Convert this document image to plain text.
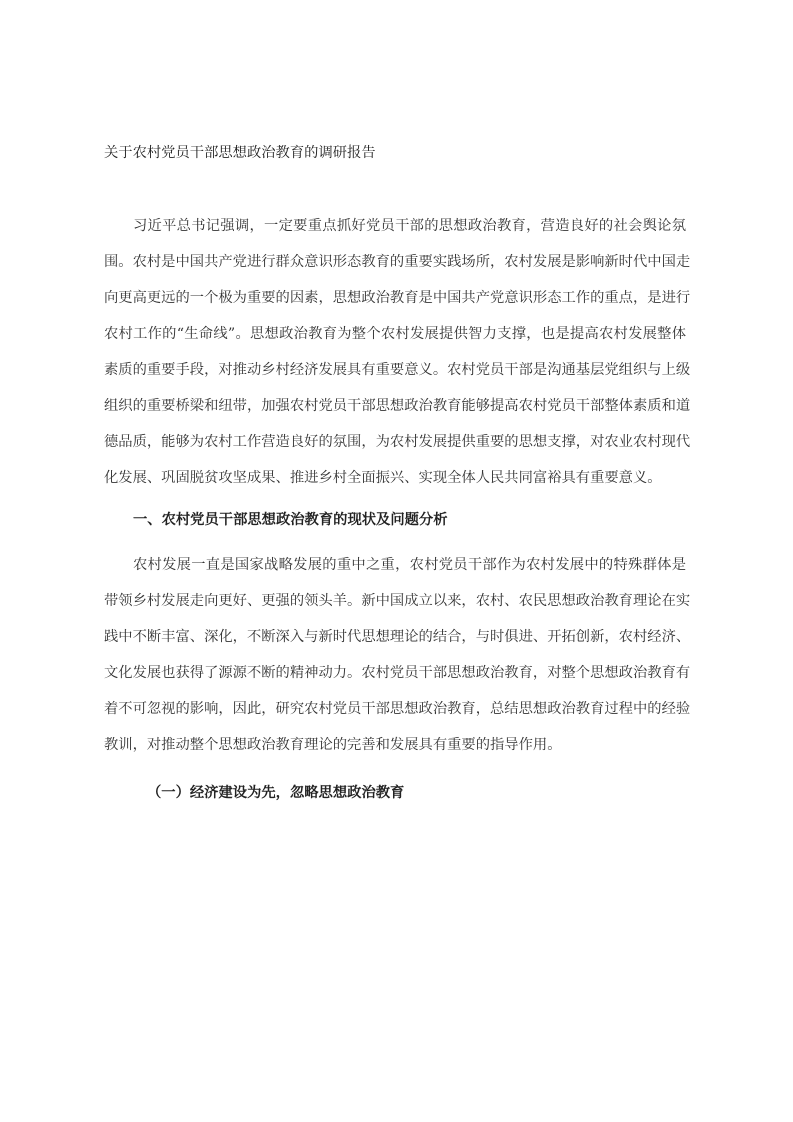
关于农村党员干部思想政治教育的调研报告
习近平总书记强调，一定要重点抓好党员干部的思想政治教育，营造良好的社会舆论氛
围。农村是中国共产党进行群众意识形态教育的重要实践场所，农村发展是影响新时代中国走
向更高更远的一个极为重要的因素，思想政治教育是中国共产党意识形态工作的重点，是进行
农村工作的“生命线”。思想政治教育为整个农村发展提供智力支撑，也是提高农村发展整体
素质的重要手段，对推动乡村经济发展具有重要意义。农村党员干部是沟通基层党组织与上级
组织的重要桥梁和纽带，加强农村党员干部思想政治教育能够提高农村党员干部整体素质和道
德品质，能够为农村工作营造良好的氛围，为农村发展提供重要的思想支撑，对农业农村现代
化发展、巩固脱贫攻坚成果、推进乡村全面振兴、实现全体人民共同富裕具有重要意义。
一、农村党员干部思想政治教育的现状及问题分析
农村发展一直是国家战略发展的重中之重，农村党员干部作为农村发展中的特殊群体是
带领乡村发展走向更好、更强的领头羊。新中国成立以来，农村、农民思想政治教育理论在实
践中不断丰富、深化，不断深入与新时代思想理论的结合，与时俱进、开拓创新，农村经济、
文化发展也获得了源源不断的精神动力。农村党员干部思想政治教育，对整个思想政治教育有
着不可忽视的影响，因此，研究农村党员干部思想政治教育，总结思想政治教育过程中的经验
教训，对推动整个思想政治教育理论的完善和发展具有重要的指导作用。
（一）经济建设为先，忽略思想政治教育
